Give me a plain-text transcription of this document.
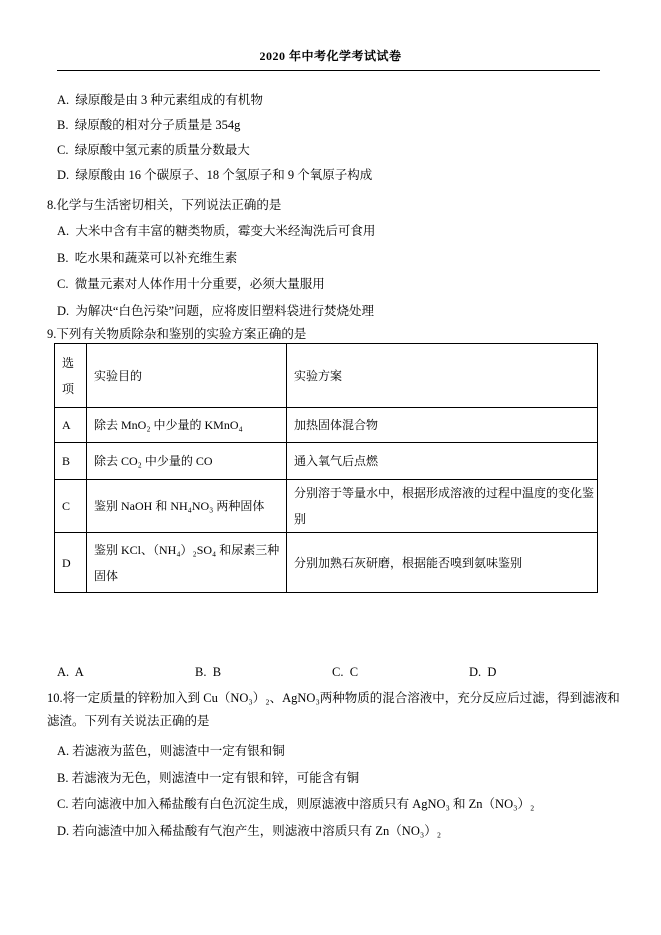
2020 年中考化学考试试卷
A.  绿原酸是由 3 种元素组成的有机物
B.  绿原酸的相对分子质量是 354g
C.  绿原酸中氢元素的质量分数最大
D.  绿原酸由 16 个碳原子、18 个氢原子和 9 个氧原子构成
8.化学与生活密切相关，下列说法正确的是
A.  大米中含有丰富的糖类物质，霉变大米经淘洗后可食用
B.  吃水果和蔬菜可以补充维生素
C.  微量元素对人体作用十分重要，必须大量服用
D.  为解决“白色污染”问题，应将废旧塑料袋进行焚烧处理
9.下列有关物质除杂和鉴别的实验方案正确的是
选项	实验目的	实验方案
A	除去 MnO₂ 中少量的 KMnO₄	加热固体混合物
B	除去 CO₂ 中少量的 CO	通入氧气后点燃
C	鉴别 NaOH 和 NH₄NO₃ 两种固体	分别溶于等量水中，根据形成溶液的过程中温度的变化鉴别
D	鉴别 KCl、（NH₄）₂SO₄ 和尿素三种固体	分别加熟石灰研磨，根据能否嗅到氨味鉴别
A.  A	B.  B	C.  C	D.  D
10.将一定质量的锌粉加入到 Cu（NO₃）₂、AgNO₃两种物质的混合溶液中，充分反应后过滤，得到滤液和
滤渣。下列有关说法正确的是
A. 若滤液为蓝色，则滤渣中一定有银和铜
B. 若滤液为无色，则滤渣中一定有银和锌，可能含有铜
C. 若向滤液中加入稀盐酸有白色沉淀生成，则原滤液中溶质只有 AgNO₃ 和 Zn（NO₃）₂
D. 若向滤渣中加入稀盐酸有气泡产生，则滤液中溶质只有 Zn（NO₃）₂
